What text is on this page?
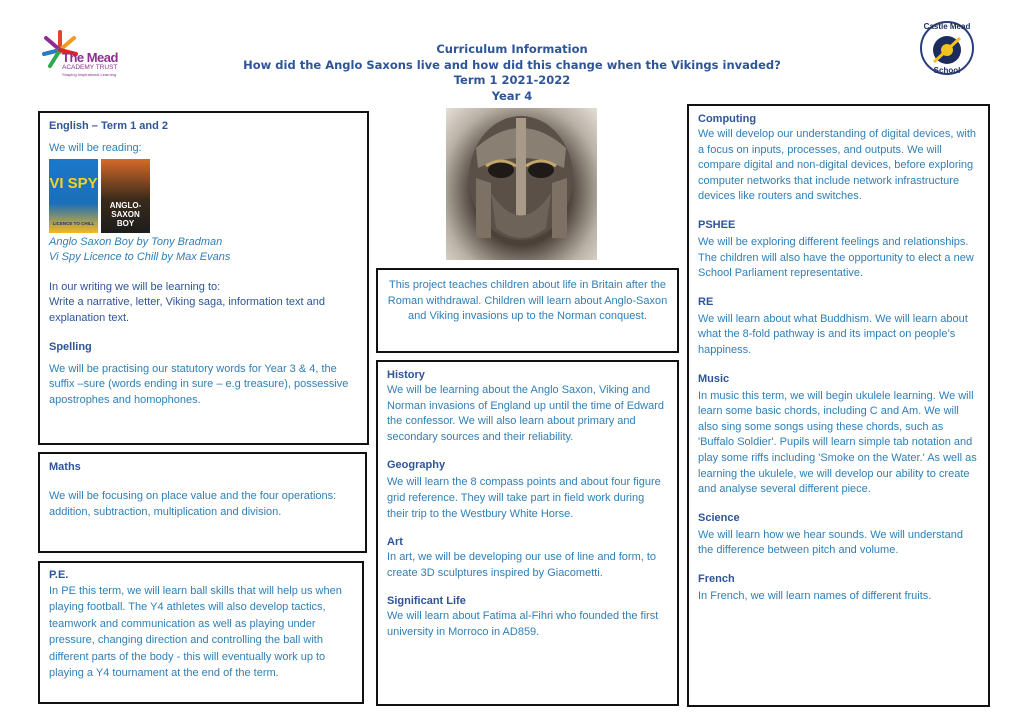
The Mead
ACADEMY TRUST
Shaping Inspirational Learning
Castle Mead
School
Curriculum Information
How did the Anglo Saxons live and how did this change when the Vikings invaded?
Term 1 2021-2022
Year 4
English – Term 1 and 2
We will be reading:
VI SPY
LICENCE TO CHILL
ANGLO-SAXON BOY
Anglo Saxon Boy by Tony Bradman
Vi Spy Licence to Chill by Max Evans
In our writing we will be learning to:
Write a narrative, letter, Viking saga, information text and explanation text.
Spelling
We will be practising our statutory words for Year 3 & 4, the suffix –sure (words ending in sure – e.g treasure), possessive apostrophes and homophones.
Maths
We will be focusing on place value and the four operations: addition, subtraction, multiplication and division.
P.E.
In PE this term, we will learn ball skills that will help us when playing football. The Y4 athletes will also develop tactics, teamwork and communication as well as playing under pressure, changing direction and controlling the ball with different parts of the body - this will eventually work up to playing a Y4 tournament at the end of the term.
This project teaches children about life in Britain after the Roman withdrawal. Children will learn about Anglo-Saxon and Viking invasions up to the Norman conquest.
History
We will be learning about the Anglo Saxon, Viking and Norman invasions of England up until the time of Edward the confessor. We will also learn about primary and secondary sources and their reliability.
Geography
We will learn the 8 compass points and about four figure grid reference. They will take part in field work during their trip to the Westbury White Horse.
Art
In art, we will be developing our use of line and form, to create 3D sculptures inspired by Giacometti.
Significant Life
We will learn about Fatima al-Fihri who founded the first university in Morroco in AD859.
Computing
We will develop our understanding of digital devices, with a focus on inputs, processes, and outputs. We will compare digital and non-digital devices, before exploring computer networks that include network infrastructure devices like routers and switches.
PSHEE
We will be exploring different feelings and relationships. The children will also have the opportunity to elect a new School Parliament representative.
RE
We will learn about what Buddhism. We will learn about what the 8-fold pathway is and its impact on people’s happiness.
Music
In music this term, we will begin ukulele learning. We will learn some basic chords, including C and Am. We will also sing some songs using these chords, such as 'Buffalo Soldier'. Pupils will learn simple tab notation and play some riffs including 'Smoke on the Water.' As well as learning the ukulele, we will develop our ability to create and analyse several different piece.
Science
We will learn how we hear sounds. We will understand the difference between pitch and volume.
French
In French, we will learn names of different fruits.
